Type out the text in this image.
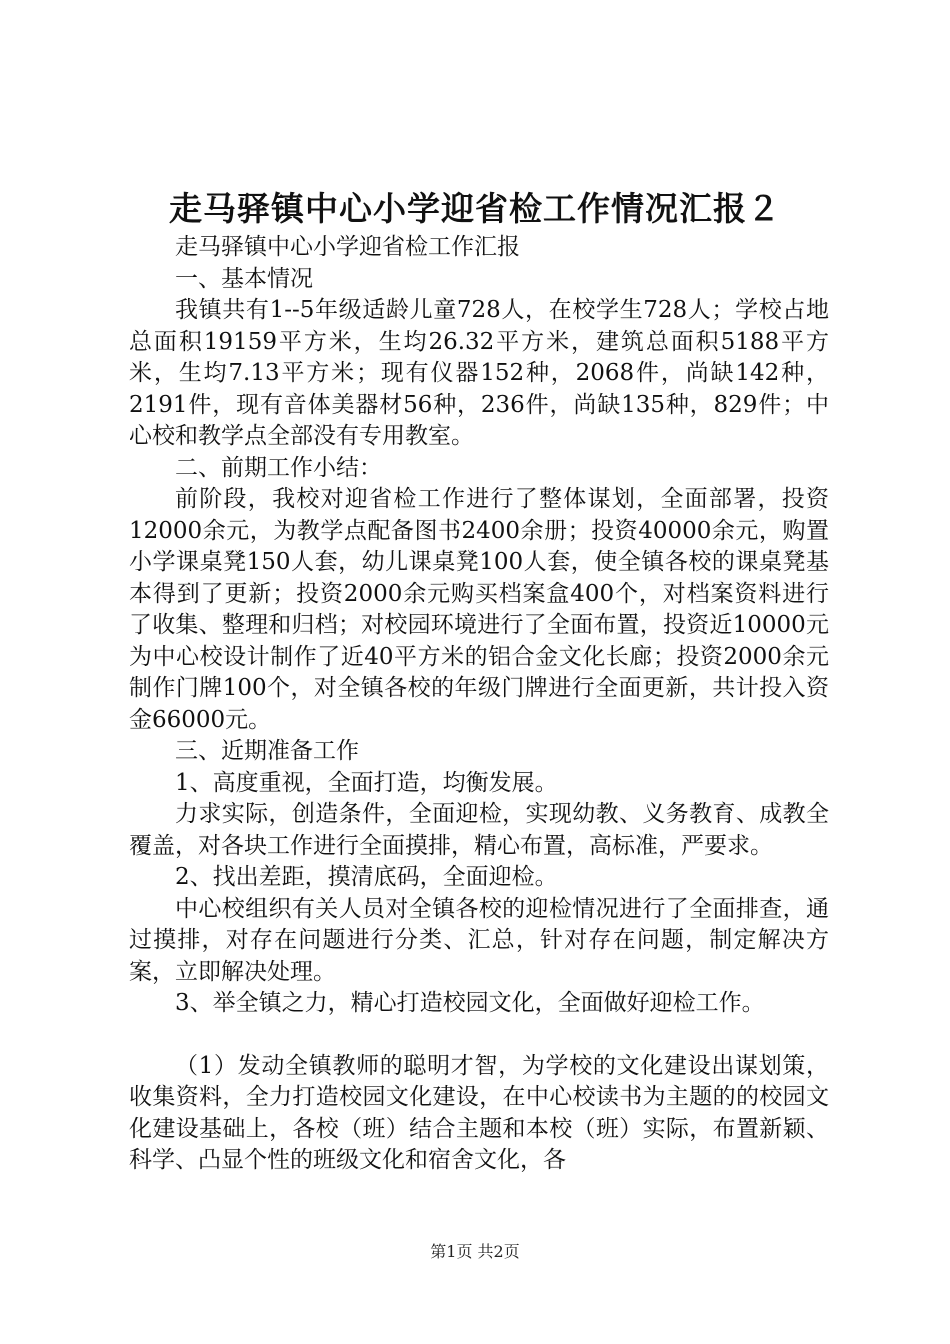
走马驿镇中心小学迎省检工作情况汇报２

走马驿镇中心小学迎省检工作汇报

一、基本情况

我镇共有1--5年级适龄儿童728人，在校学生728人；学校占地总面积19159平方米，生均26.32平方米，建筑总面积5188平方米，生均7.13平方米；现有仪器152种，2068件，尚缺142种，2191件，现有音体美器材56种，236件，尚缺135种，829件；中心校和教学点全部没有专用教室。

二、前期工作小结：

前阶段，我校对迎省检工作进行了整体谋划，全面部署，投资12000余元，为教学点配备图书2400余册；投资40000余元，购置小学课桌凳150人套，幼儿课桌凳100人套，使全镇各校的课桌凳基本得到了更新；投资2000余元购买档案盒400个，对档案资料进行了收集、整理和归档；对校园环境进行了全面布置，投资近10000元为中心校设计制作了近40平方米的铝合金文化长廊；投资2000余元制作门牌100个，对全镇各校的年级门牌进行全面更新，共计投入资金66000元。

三、近期准备工作

1、高度重视，全面打造，均衡发展。

力求实际，创造条件，全面迎检，实现幼教、义务教育、成教全覆盖，对各块工作进行全面摸排，精心布置，高标准，严要求。

2、找出差距，摸清底码，全面迎检。

中心校组织有关人员对全镇各校的迎检情况进行了全面排查，通过摸排，对存在问题进行分类、汇总，针对存在问题，制定解决方案，立即解决处理。

3、举全镇之力，精心打造校园文化，全面做好迎检工作。

（1）发动全镇教师的聪明才智，为学校的文化建设出谋划策，收集资料，全力打造校园文化建设，在中心校读书为主题的的校园文化建设基础上，各校（班）结合主题和本校（班）实际，布置新颖、科学、凸显个性的班级文化和宿舍文化，各

第1页 共2页
